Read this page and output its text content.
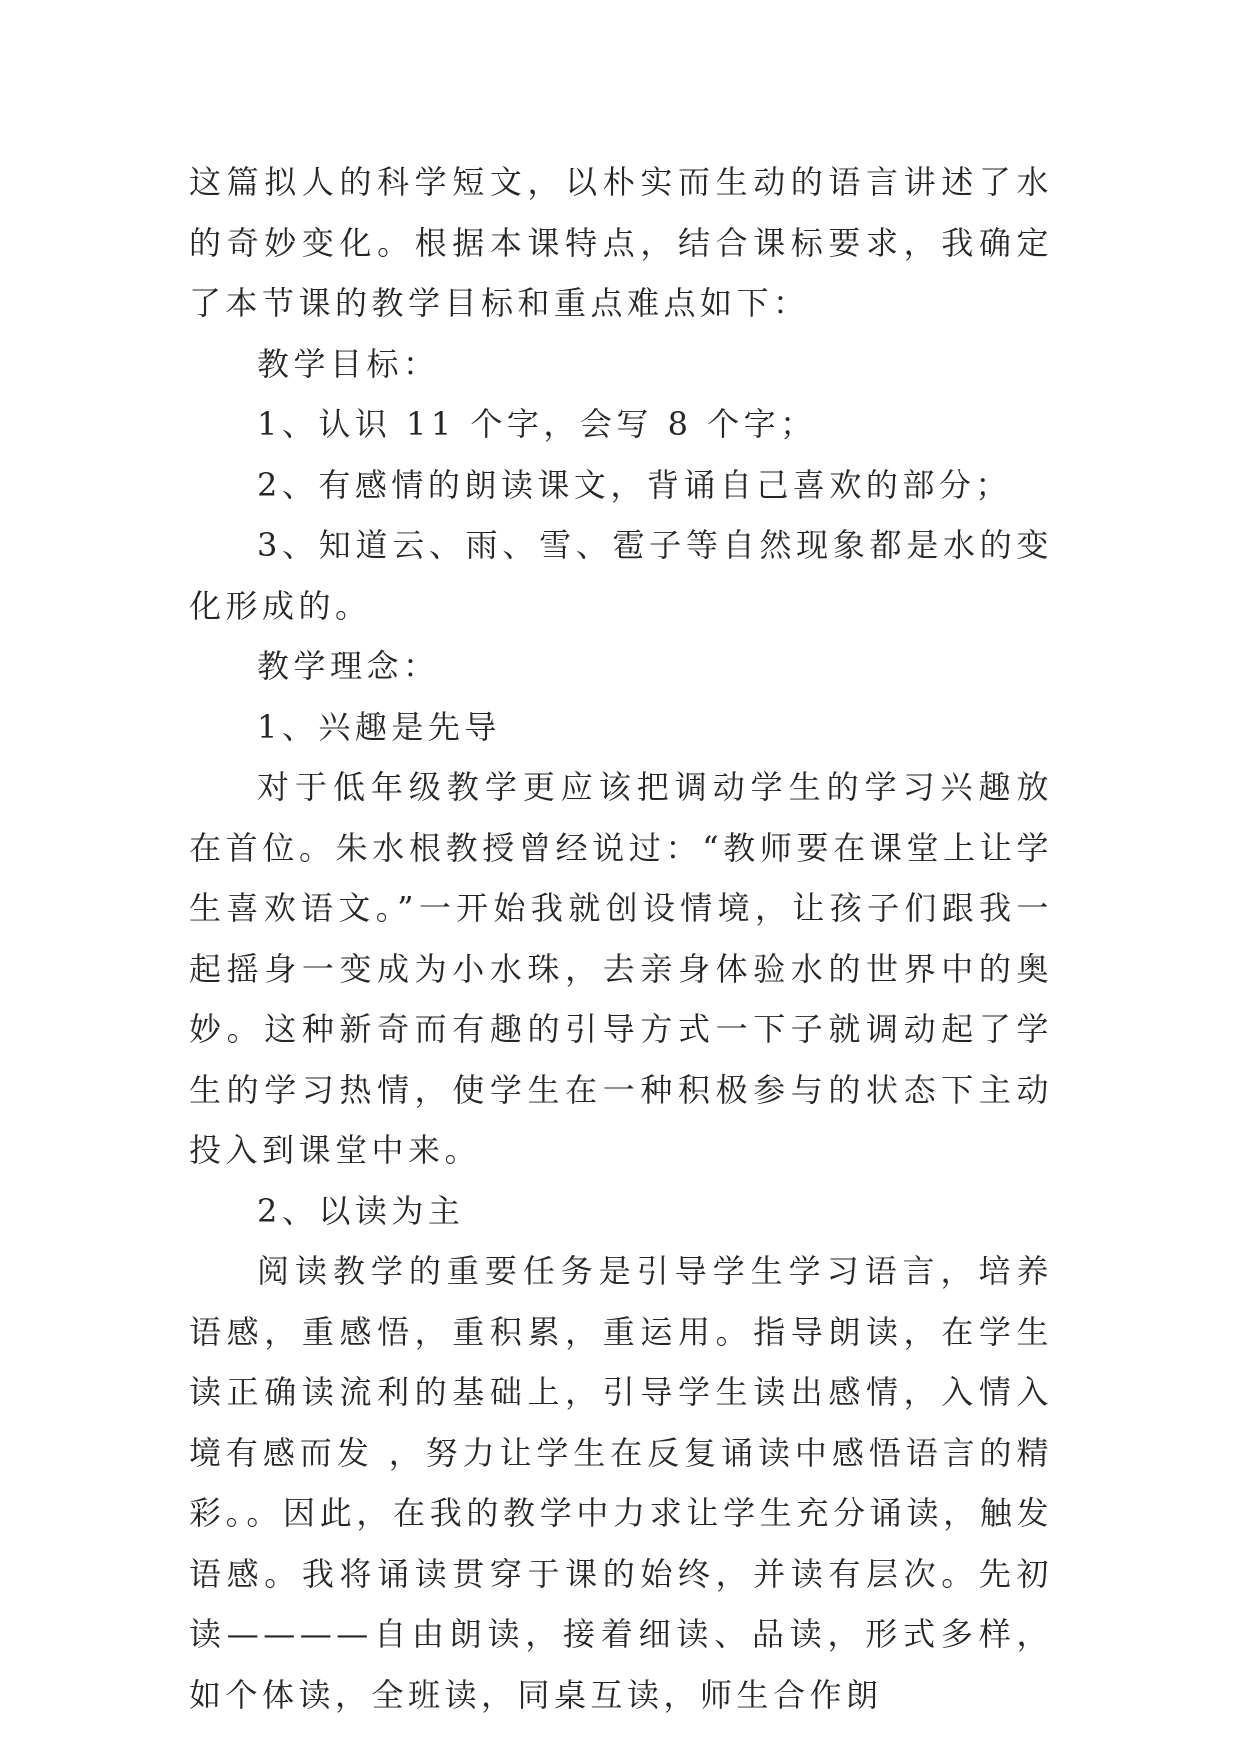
这篇拟人的科学短文，以朴实而生动的语言讲述了水的奇妙变化。根据本课特点，结合课标要求，我确定了本节课的教学目标和重点难点如下：

教学目标：

1、认识 11 个字，会写 8 个字；

2、有感情的朗读课文，背诵自己喜欢的部分；

3、知道云、雨、雪、雹子等自然现象都是水的变化形成的。

教学理念：

1、兴趣是先导

对于低年级教学更应该把调动学生的学习兴趣放在首位。朱水根教授曾经说过：“教师要在课堂上让学生喜欢语文。”一开始我就创设情境，让孩子们跟我一起摇身一变成为小水珠，去亲身体验水的世界中的奥妙。这种新奇而有趣的引导方式一下子就调动起了学生的学习热情，使学生在一种积极参与的状态下主动投入到课堂中来。

2、以读为主

阅读教学的重要任务是引导学生学习语言，培养语感，重感悟，重积累，重运用。指导朗读，在学生读正确读流利的基础上，引导学生读出感情，入情入境有感而发 ，努力让学生在反复诵读中感悟语言的精彩。。因此，在我的教学中力求让学生充分诵读，触发语感。我将诵读贯穿于课的始终，并读有层次。先初读————自由朗读，接着细读、品读，形式多样，如个体读，全班读，同桌互读，师生合作朗
